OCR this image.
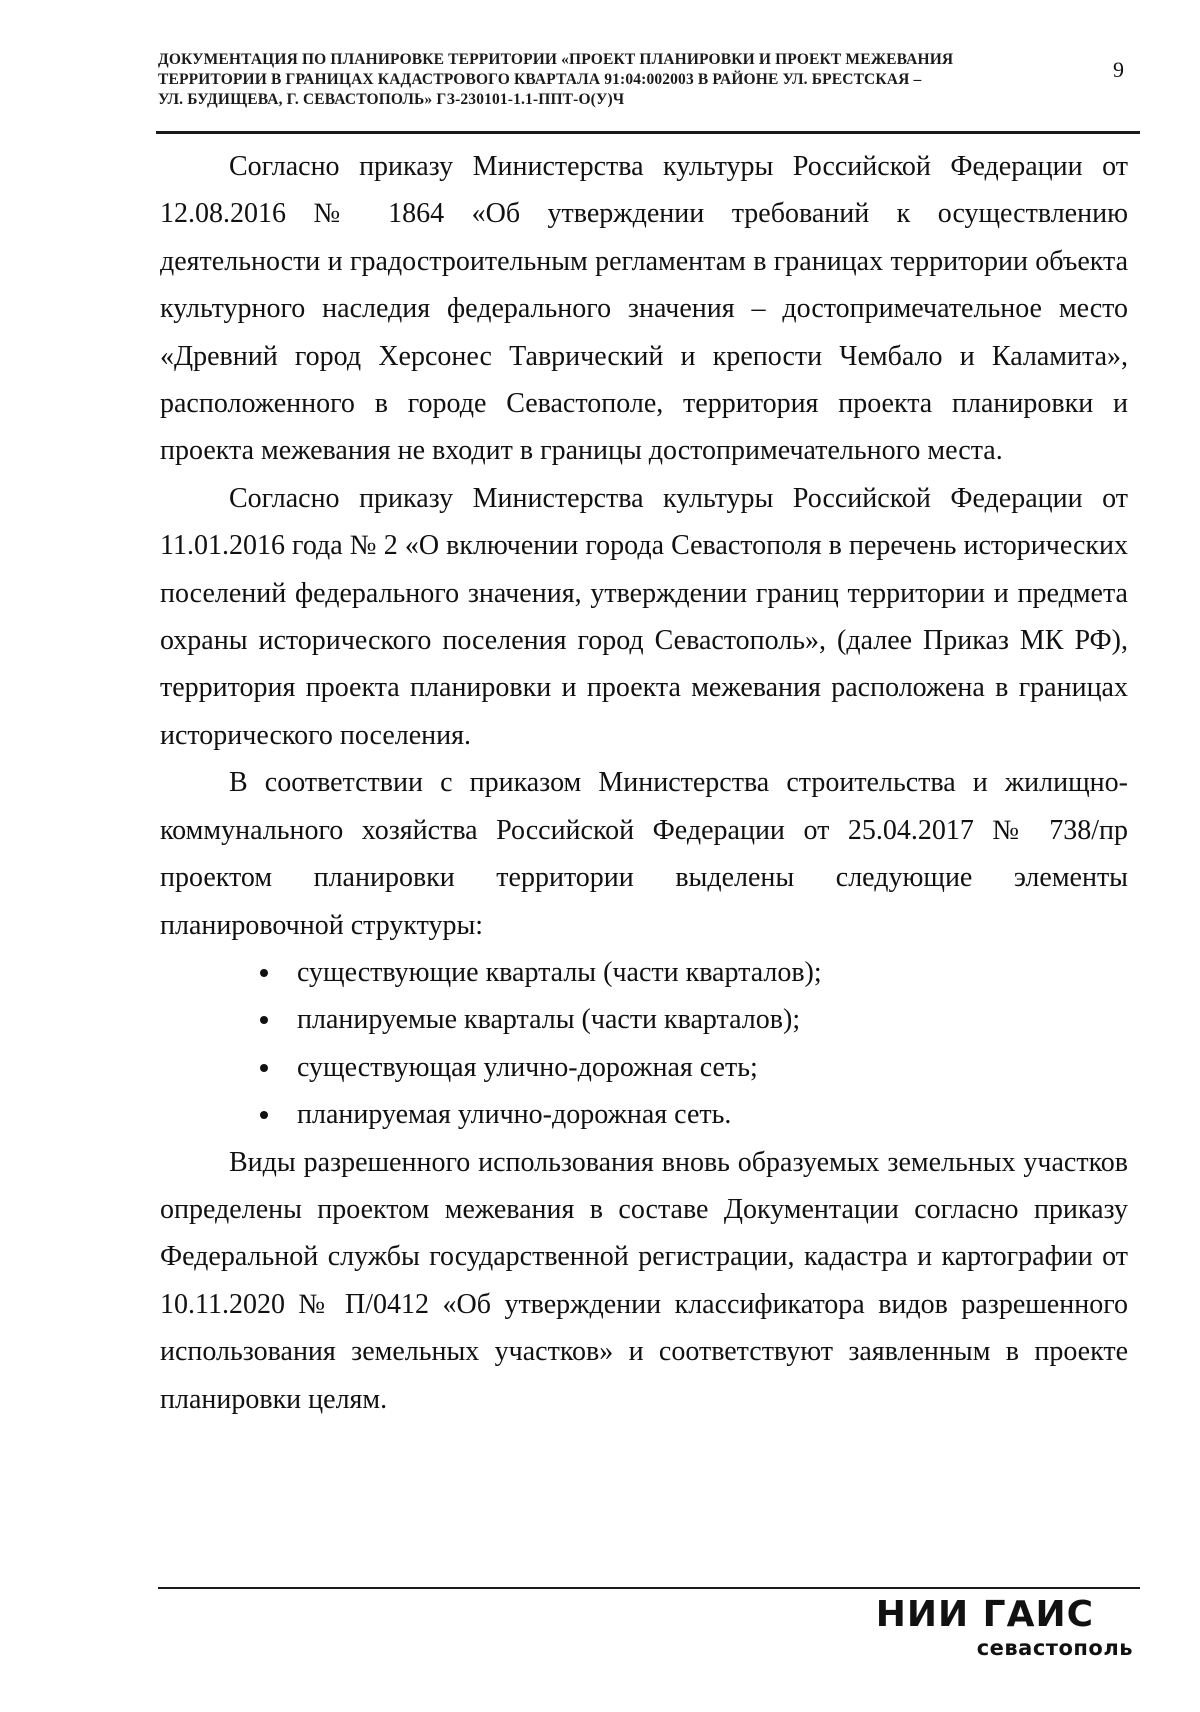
ДОКУМЕНТАЦИЯ ПО ПЛАНИРОВКЕ ТЕРРИТОРИИ «ПРОЕКТ ПЛАНИРОВКИ И ПРОЕКТ МЕЖЕВАНИЯ
ТЕРРИТОРИИ В ГРАНИЦАХ КАДАСТРОВОГО КВАРТАЛА 91:04:002003 В РАЙОНЕ УЛ. БРЕСТСКАЯ –
УЛ. БУДИЩЕВА, Г. СЕВАСТОПОЛЬ» ГЗ-230101-1.1-ППТ-О(У)Ч
9

Согласно приказу Министерства культуры Российской Федерации от 12.08.2016 № 1864 «Об утверждении требований к осуществлению деятельности и градостроительным регламентам в границах территории объекта культурного наследия федерального значения – достопримечательное место «Древний город Херсонес Таврический и крепости Чембало и Каламита», расположенного в городе Севастополе, территория проекта планировки и проекта межевания не входит в границы достопримечательного места.

Согласно приказу Министерства культуры Российской Федерации от 11.01.2016 года № 2 «О включении города Севастополя в перечень исторических поселений федерального значения, утверждении границ территории и предмета охраны исторического поселения город Севастополь», (далее Приказ МК РФ), территория проекта планировки и проекта межевания расположена в границах исторического поселения.

В соответствии с приказом Министерства строительства и жилищно-коммунального хозяйства Российской Федерации от 25.04.2017 № 738/пр проектом планировки территории выделены следующие элементы планировочной структуры:

существующие кварталы (части кварталов);
планируемые кварталы (части кварталов);
существующая улично-дорожная сеть;
планируемая улично-дорожная сеть.

Виды разрешенного использования вновь образуемых земельных участков определены проектом межевания в составе Документации согласно приказу Федеральной службы государственной регистрации, кадастра и картографии от 10.11.2020 № П/0412 «Об утверждении классификатора видов разрешенного использования земельных участков» и соответствуют заявленным в проекте планировки целям.

НИИ ГАИС
севастополь
